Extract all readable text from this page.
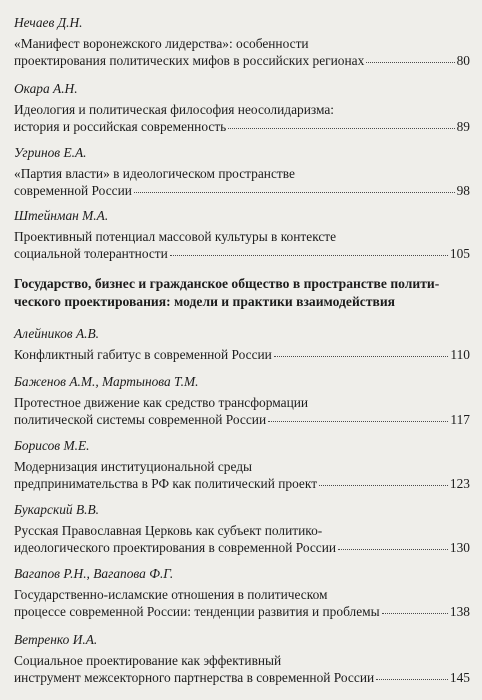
Нечаев Д.Н.
«Манифест воронежского лидерства»: особенности
проектирования политических мифов в российских регионах	80
Окара А.Н.
Идеология и политическая философия неосолидаризма:
история и российская современность	89
Угринов Е.А.
«Партия власти» в идеологическом пространстве
современной России	98
Штейнман М.А.
Проективный потенциал массовой культуры в контексте
социальной толерантности	105
Государство, бизнес и гражданское общество в пространстве полити-
ческого проектирования: модели и практики взаимодействия
Алейников А.В.
Конфликтный габитус в современной России	110
Баженов А.М., Мартынова Т.М.
Протестное движение как средство трансформации
политической системы современной России	117
Борисов М.Е.
Модернизация институциональной среды
предпринимательства в РФ как политический проект	123
Букарский В.В.
Русская Православная Церковь как субъект политико-
идеологического проектирования в современной России	130
Вагапов Р.Н., Вагапова Ф.Г.
Государственно-исламские отношения в политическом
процессе современной России: тенденции развития и проблемы	138
Ветренко И.А.
Социальное проектирование как эффективный
инструмент межсекторного партнерства в современной России	145
